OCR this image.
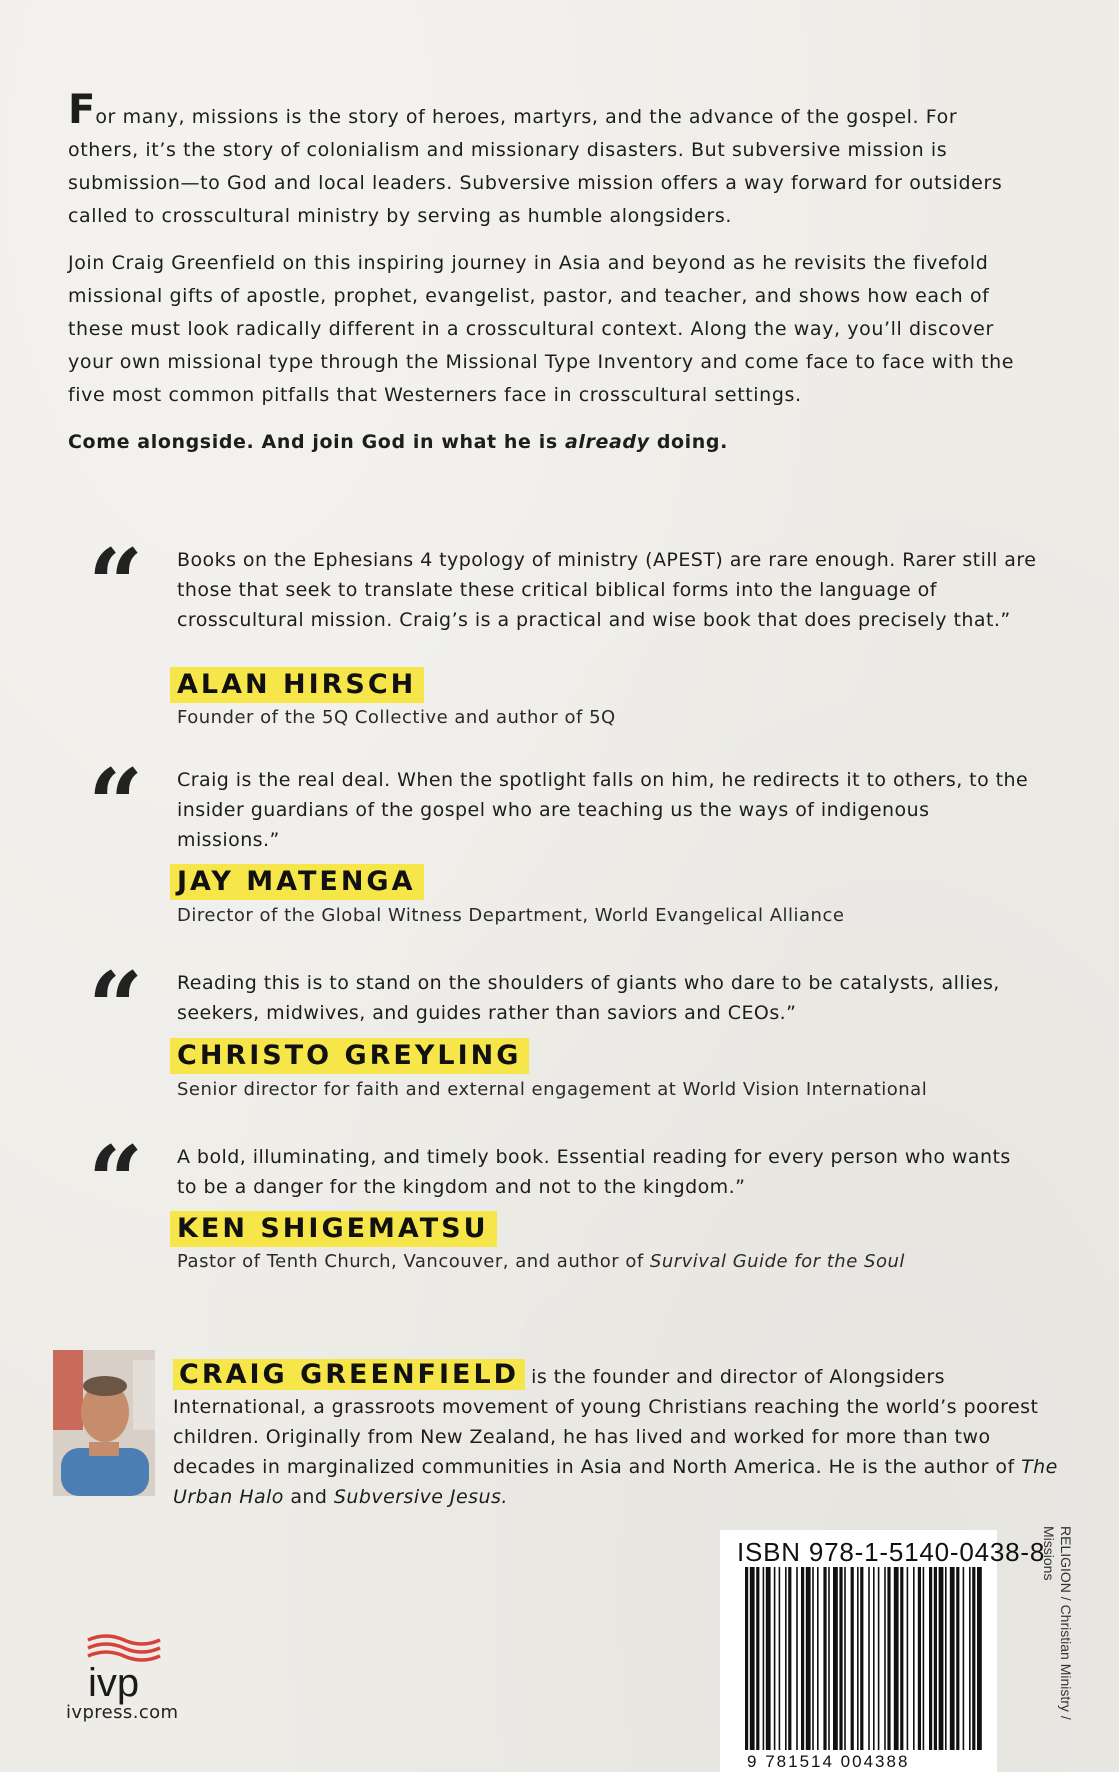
For many, missions is the story of heroes, martyrs, and the advance of the gospel. For others, it’s the story of colonialism and missionary disasters. But subversive mission is submission—to God and local leaders. Subversive mission offers a way forward for outsiders called to crosscultural ministry by serving as humble alongsiders.

Join Craig Greenfield on this inspiring journey in Asia and beyond as he revisits the fivefold missional gifts of apostle, prophet, evangelist, pastor, and teacher, and shows how each of these must look radically different in a crosscultural context. Along the way, you’ll discover your own missional type through the Missional Type Inventory and come face to face with the five most common pitfalls that Westerners face in crosscultural settings.

Come alongside. And join God in what he is already doing.

“ Books on the Ephesians 4 typology of ministry (APEST) are rare enough. Rarer still are those that seek to translate these critical biblical forms into the language of crosscultural mission. Craig’s is a practical and wise book that does precisely that.”
ALAN HIRSCH
Founder of the 5Q Collective and author of 5Q
“ Craig is the real deal. When the spotlight falls on him, he redirects it to others, to the insider guardians of the gospel who are teaching us the ways of indigenous missions.”
JAY MATENGA
Director of the Global Witness Department, World Evangelical Alliance
“ Reading this is to stand on the shoulders of giants who dare to be catalysts, allies, seekers, midwives, and guides rather than saviors and CEOs.”
CHRISTO GREYLING
Senior director for faith and external engagement at World Vision International
“ A bold, illuminating, and timely book. Essential reading for every person who wants to be a danger for the kingdom and not to the kingdom.”
KEN SHIGEMATSU
Pastor of Tenth Church, Vancouver, and author of Survival Guide for the Soul
CRAIG GREENFIELD is the founder and director of Alongsiders International, a grassroots movement of young Christians reaching the world’s poorest children. Originally from New Zealand, he has lived and worked for more than two decades in marginalized communities in Asia and North America. He is the author of The Urban Halo and Subversive Jesus.
ivp
ivpress.com
ISBN 978-1-5140-0438-8
9 781514 004388
RELIGION / Christian Ministry /
Missions
